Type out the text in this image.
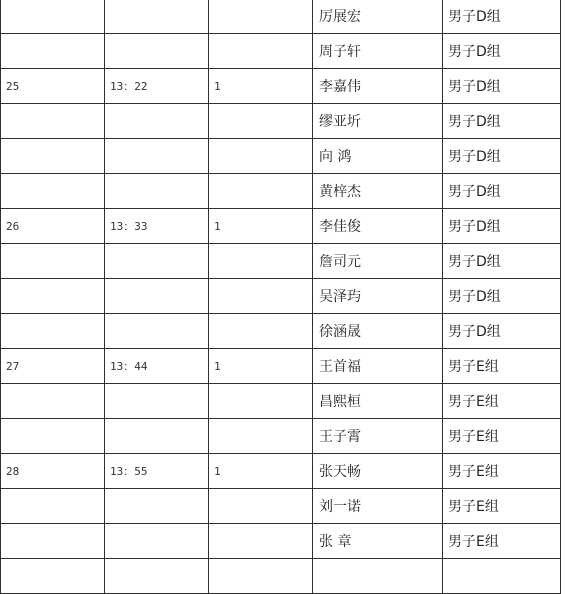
			厉展宏	男子D组
			周子轩	男子D组
25	13：22	1	李嘉伟	男子D组
			缪亚圻	男子D组
			向 鸿	男子D组
			黄梓杰	男子D组
26	13：33	1	李佳俊	男子D组
			詹司元	男子D组
			吴泽玙	男子D组
			徐涵晟	男子D组
27	13：44	1	王首福	男子E组
			昌熙桓	男子E组
			王子霄	男子E组
28	13：55	1	张天畅	男子E组
			刘一诺	男子E组
			张 章	男子E组
